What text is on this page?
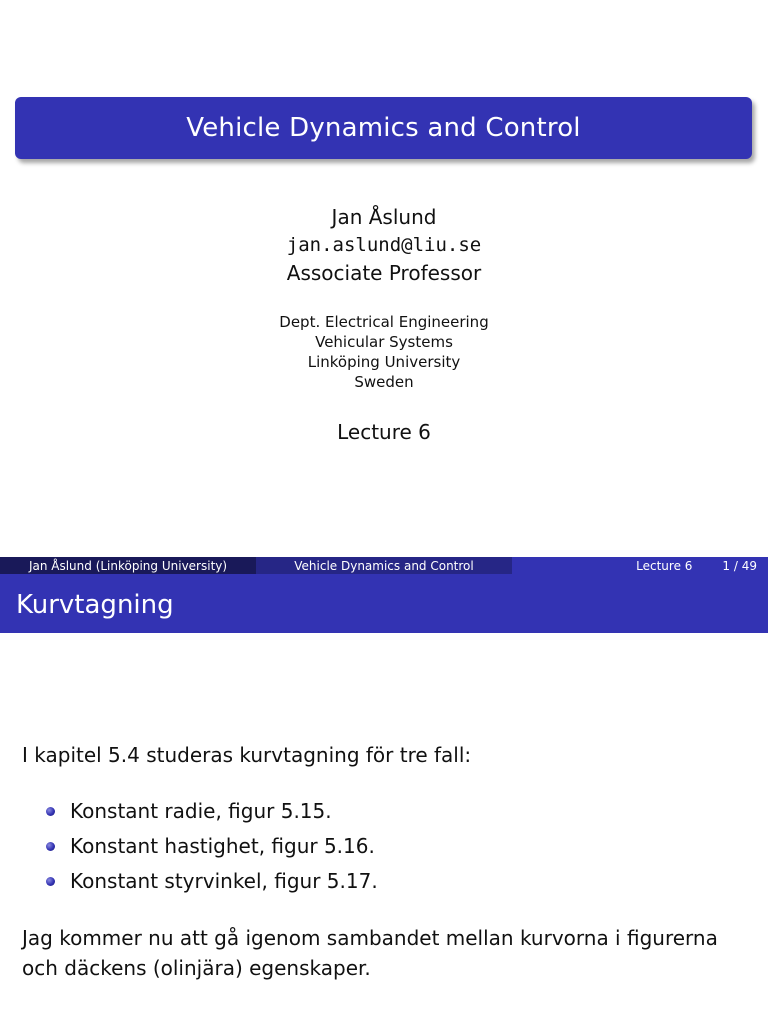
Vehicle Dynamics and Control
Jan Åslund
jan.aslund@liu.se
Associate Professor
Dept. Electrical Engineering
Vehicular Systems
Linköping University
Sweden
Lecture 6
Jan Åslund (Linköping University)	Vehicle Dynamics and Control	Lecture 6	1 / 49
Kurvtagning
I kapitel 5.4 studeras kurvtagning för tre fall:
Konstant radie, figur 5.15.
Konstant hastighet, figur 5.16.
Konstant styrvinkel, figur 5.17.
Jag kommer nu att gå igenom sambandet mellan kurvorna i figurerna och däckens (olinjära) egenskaper.
